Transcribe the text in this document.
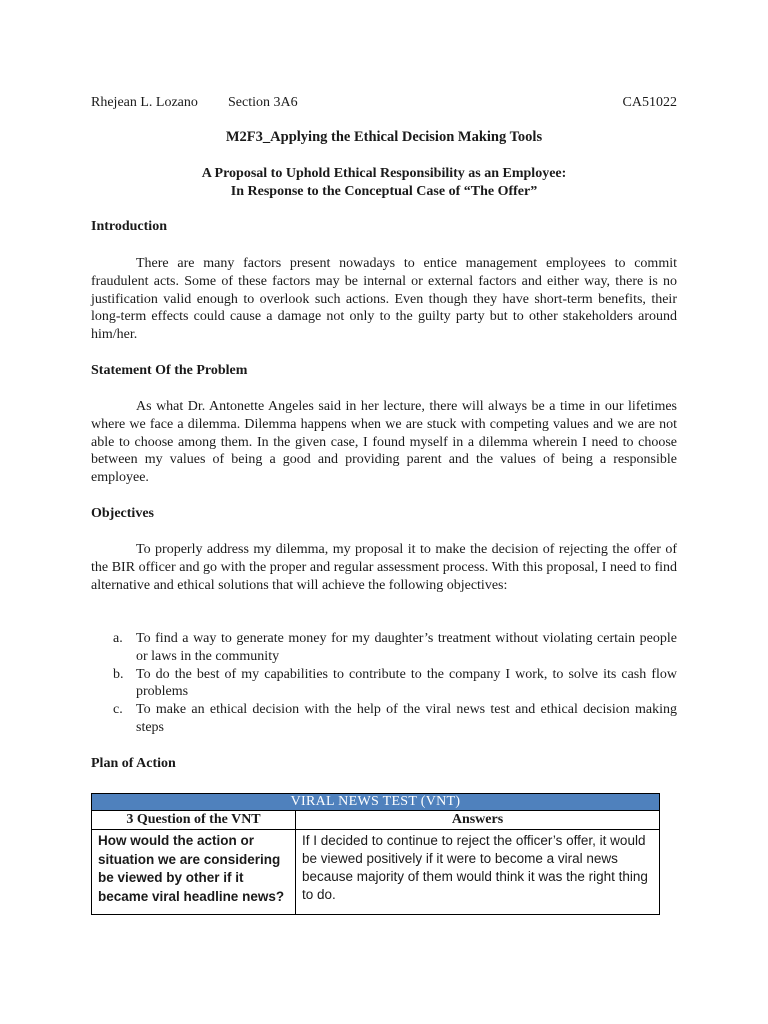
Rhejean L. Lozano Section 3A6	CA51022
M2F3_Applying the Ethical Decision Making Tools
A Proposal to Uphold Ethical Responsibility as an Employee:
In Response to the Conceptual Case of “The Offer”
Introduction

There are many factors present nowadays to entice management employees to commit fraudulent acts. Some of these factors may be internal or external factors and either way, there is no justification valid enough to overlook such actions. Even though they have short-term benefits, their long-term effects could cause a damage not only to the guilty party but to other stakeholders around him/her.

Statement Of the Problem

As what Dr. Antonette Angeles said in her lecture, there will always be a time in our lifetimes where we face a dilemma. Dilemma happens when we are stuck with competing values and we are not able to choose among them. In the given case, I found myself in a dilemma wherein I need to choose between my values of being a good and providing parent and the values of being a responsible employee.

Objectives

To properly address my dilemma, my proposal it to make the decision of rejecting the offer of the BIR officer and go with the proper and regular assessment process. With this proposal, I need to find alternative and ethical solutions that will achieve the following objectives:

a. To find a way to generate money for my daughter’s treatment without violating certain people or laws in the community
b. To do the best of my capabilities to contribute to the company I work, to solve its cash flow problems
c. To make an ethical decision with the help of the viral news test and ethical decision making steps
Plan of Action
VIRAL NEWS TEST (VNT)	
3 Question of the VNT	Answers
How would the action or situation we are considering be viewed by other if it became viral headline news?	If I decided to continue to reject the officer’s offer, it would be viewed positively if it were to become a viral news because majority of them would think it was the right thing to do.
